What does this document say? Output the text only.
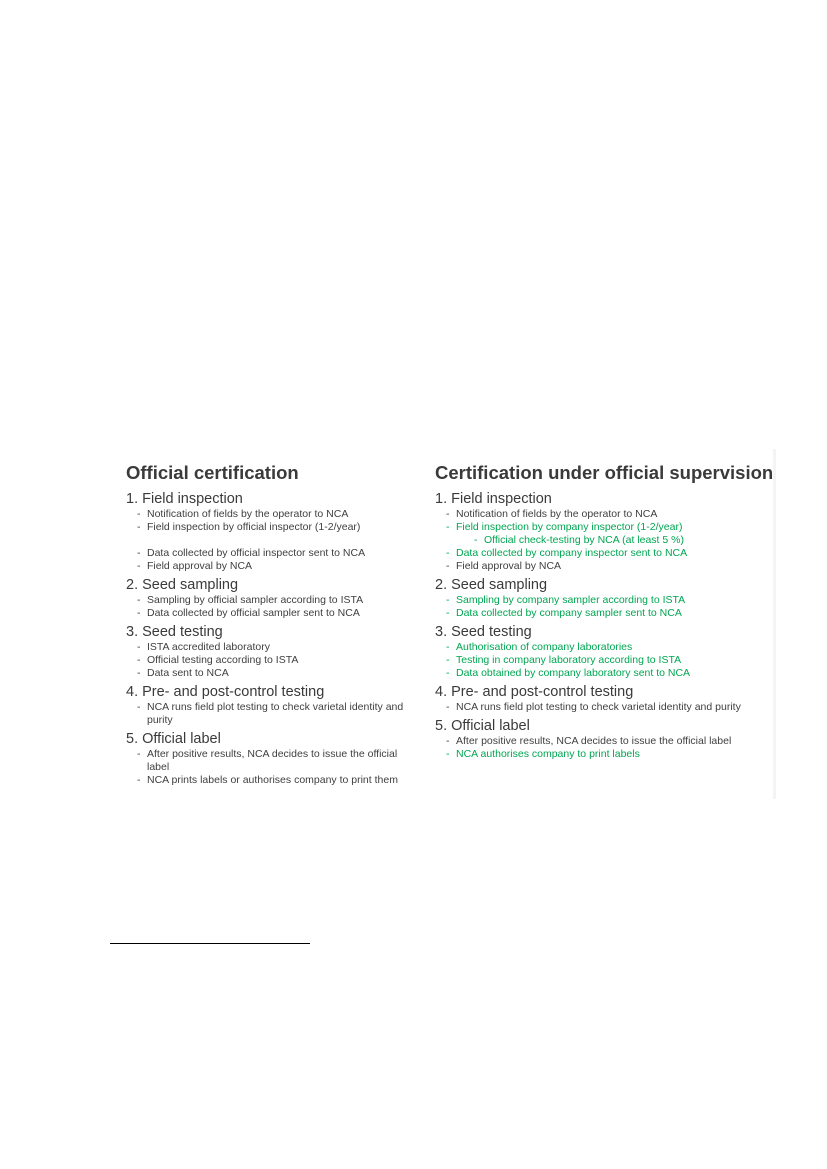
Official certification
1. Field inspection
- Notification of fields by the operator to NCA
- Field inspection by official inspector (1-2/year)
- Data collected by official inspector sent to NCA
- Field approval by NCA
2. Seed sampling
- Sampling by official sampler according to ISTA
- Data collected by official sampler sent to NCA
3. Seed testing
- ISTA accredited laboratory
- Official testing according to ISTA
- Data sent to NCA
4. Pre- and post-control testing
- NCA runs field plot testing to check varietal identity and purity
5. Official label
- After positive results, NCA decides to issue the official label
- NCA prints labels or authorises company to print them
Certification under official supervision
1. Field inspection
- Notification of fields by the operator to NCA
- Field inspection by company inspector (1-2/year)
- Official check-testing by NCA (at least 5 %)
- Data collected by company inspector sent to NCA
- Field approval by NCA
2. Seed sampling
- Sampling by company sampler according to ISTA
- Data collected by company sampler sent to NCA
3. Seed testing
- Authorisation of company laboratories
- Testing in company laboratory according to ISTA
- Data obtained by company laboratory sent to NCA
4. Pre- and post-control testing
- NCA runs field plot testing to check varietal identity and purity
5. Official label
- After positive results, NCA decides to issue the official label
- NCA authorises company to print labels
